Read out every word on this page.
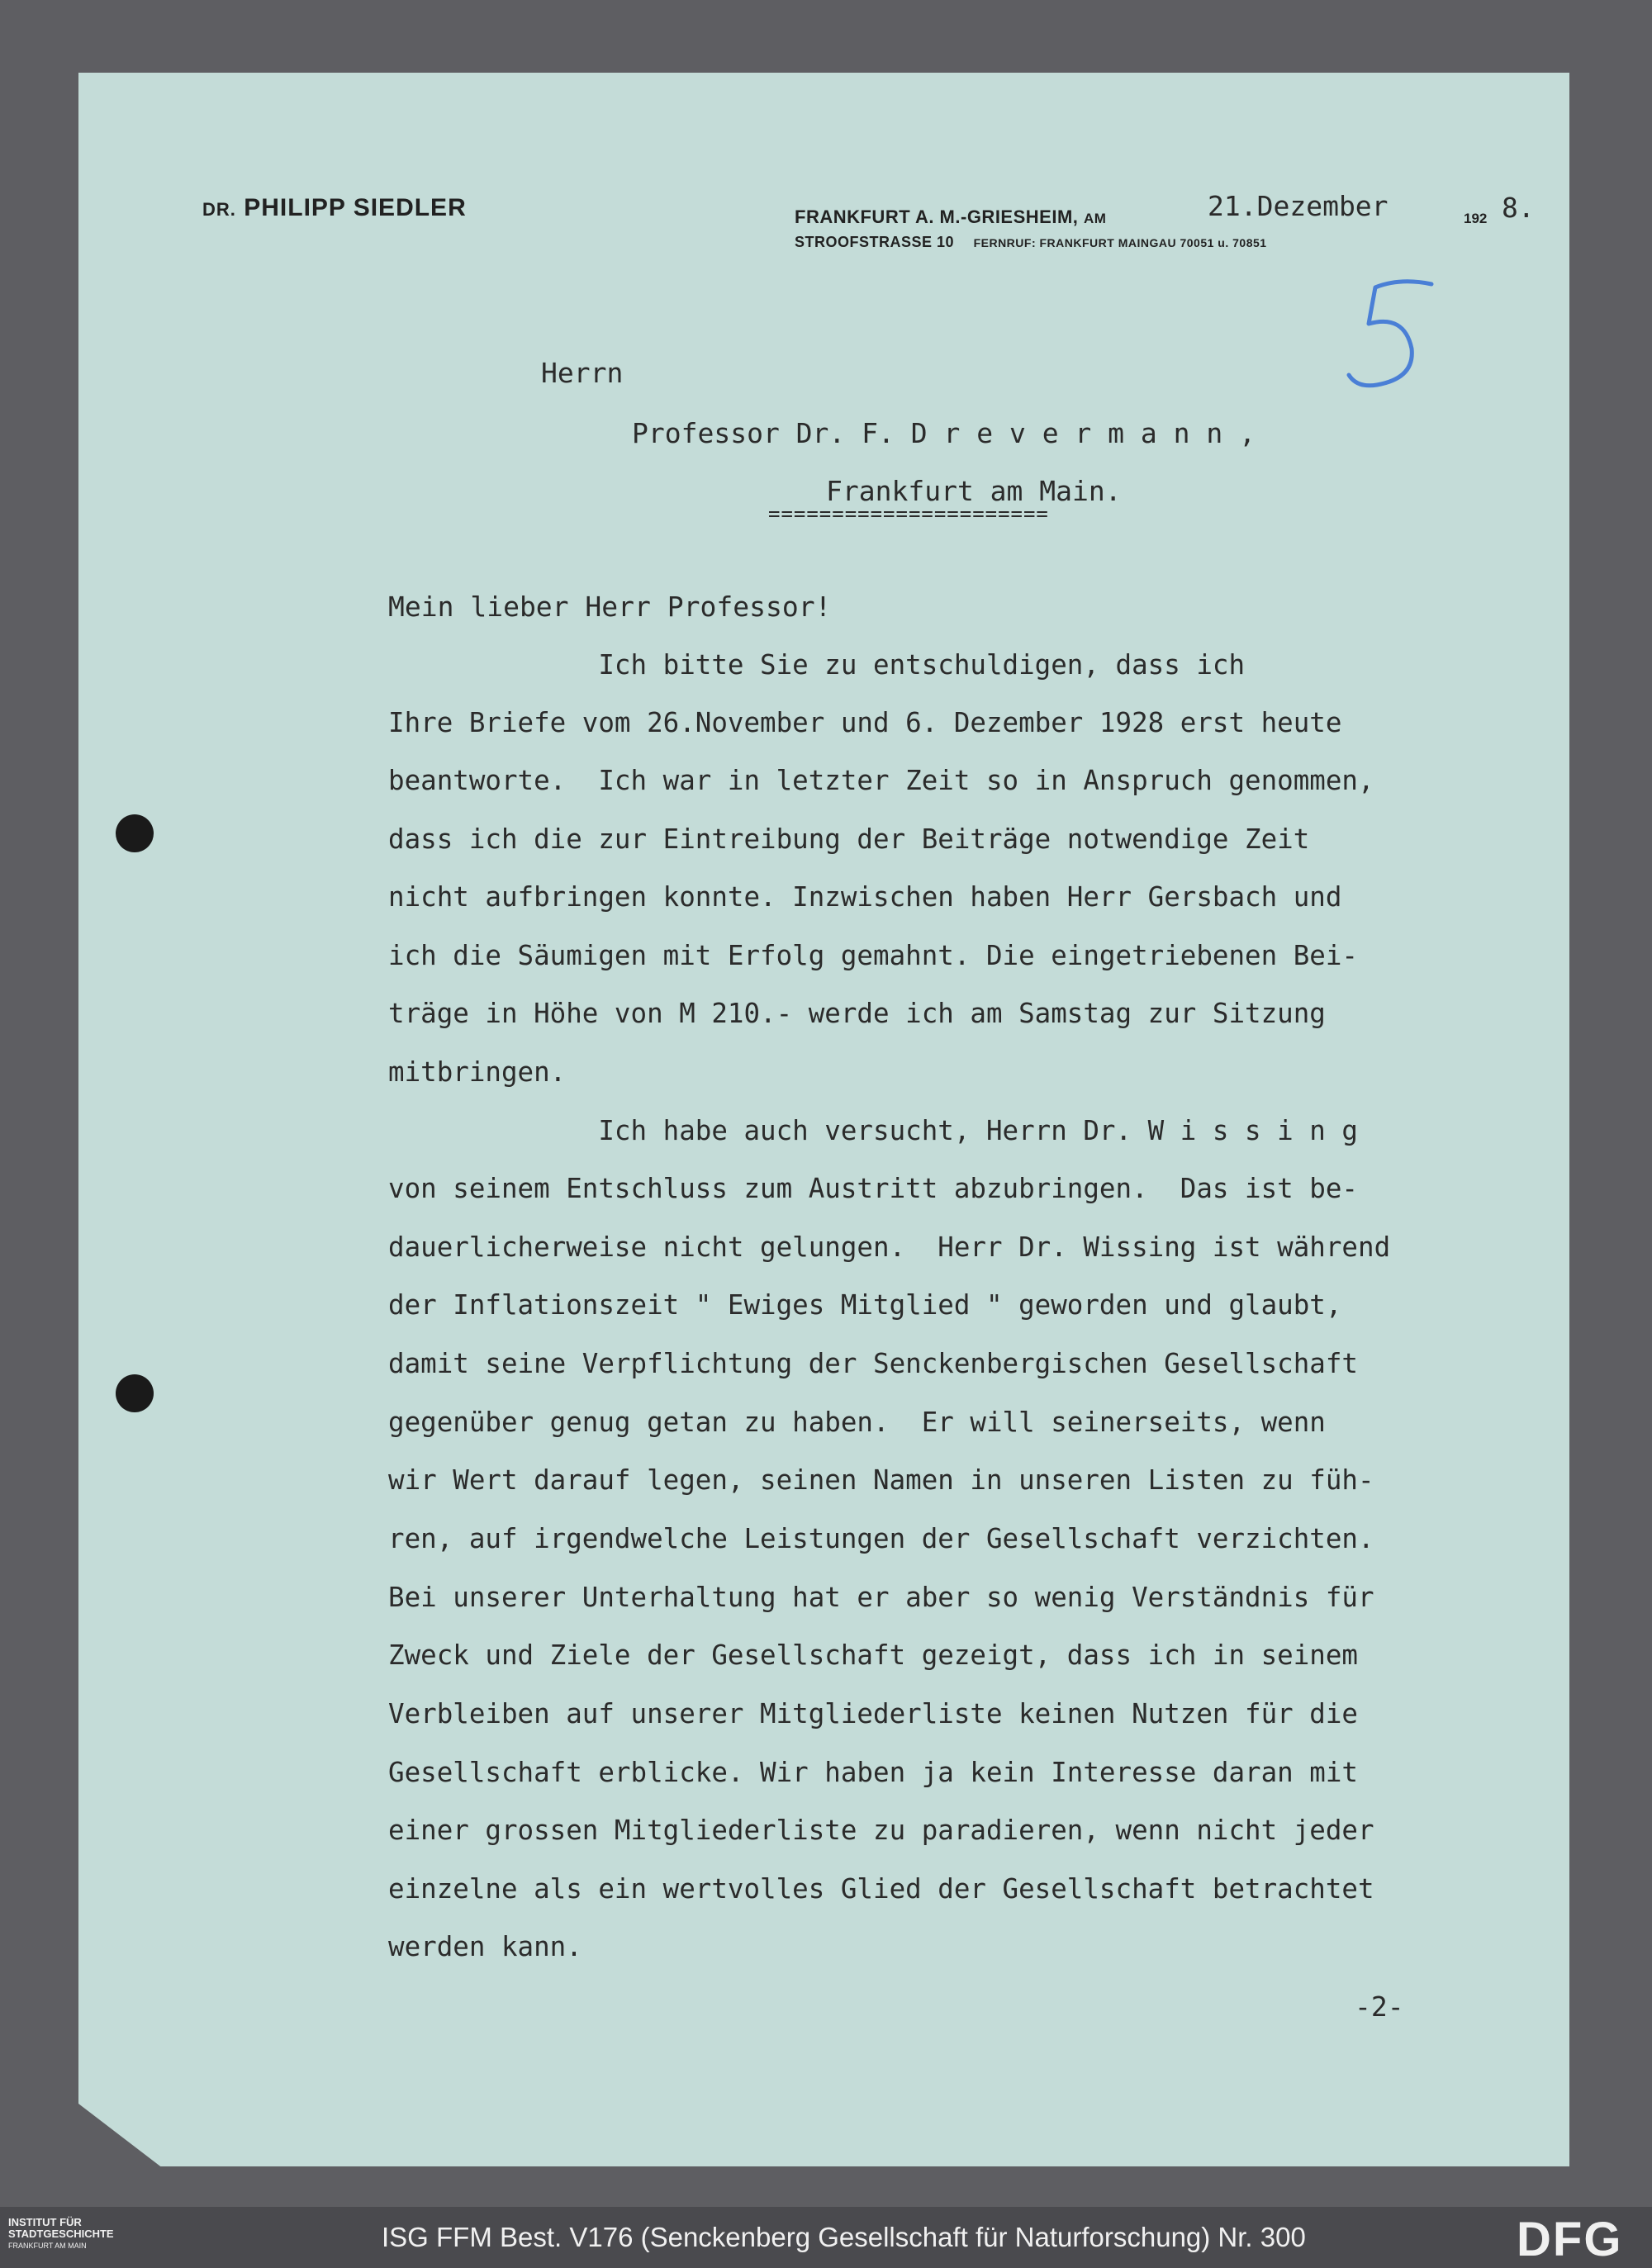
DR. PHILIPP SIEDLER	FRANKFURT A. M.-GRIESHEIM, AM
STROOFSTRASSE 10 FERNRUF: FRANKFURT MAINGAU 70051 u. 70851
192
21.Dezember	8.
Herrn
Professor Dr. F. D r e v e r m a n n ,
Frankfurt am Main.
======================
Mein lieber Herr Professor!
Ich bitte Sie zu entschuldigen, dass ich
Ihre Briefe vom 26.November und 6. Dezember 1928 erst heute
beantworte.  Ich war in letzter Zeit so in Anspruch genommen,
dass ich die zur Eintreibung der Beiträge notwendige Zeit
nicht aufbringen konnte. Inzwischen haben Herr Gersbach und
ich die Säumigen mit Erfolg gemahnt. Die eingetriebenen Bei-
träge in Höhe von M 210.- werde ich am Samstag zur Sitzung
mitbringen.
Ich habe auch versucht, Herrn Dr. W i s s i n g
von seinem Entschluss zum Austritt abzubringen.  Das ist be-
dauerlicherweise nicht gelungen.  Herr Dr. Wissing ist während
der Inflationszeit " Ewiges Mitglied " geworden und glaubt,
damit seine Verpflichtung der Senckenbergischen Gesellschaft
gegenüber genug getan zu haben.  Er will seinerseits, wenn
wir Wert darauf legen, seinen Namen in unseren Listen zu füh-
ren, auf irgendwelche Leistungen der Gesellschaft verzichten.
Bei unserer Unterhaltung hat er aber so wenig Verständnis für
Zweck und Ziele der Gesellschaft gezeigt, dass ich in seinem
Verbleiben auf unserer Mitgliederliste keinen Nutzen für die
Gesellschaft erblicke. Wir haben ja kein Interesse daran mit
einer grossen Mitgliederliste zu paradieren, wenn nicht jeder
einzelne als ein wertvolles Glied der Gesellschaft betrachtet
werden kann.
-2-
INSTITUT FÜR
STADTGESCHICHTE
FRANKFURT AM MAIN	ISG FFM Best. V176 (Senckenberg Gesellschaft für Naturforschung) Nr. 300	DFG
